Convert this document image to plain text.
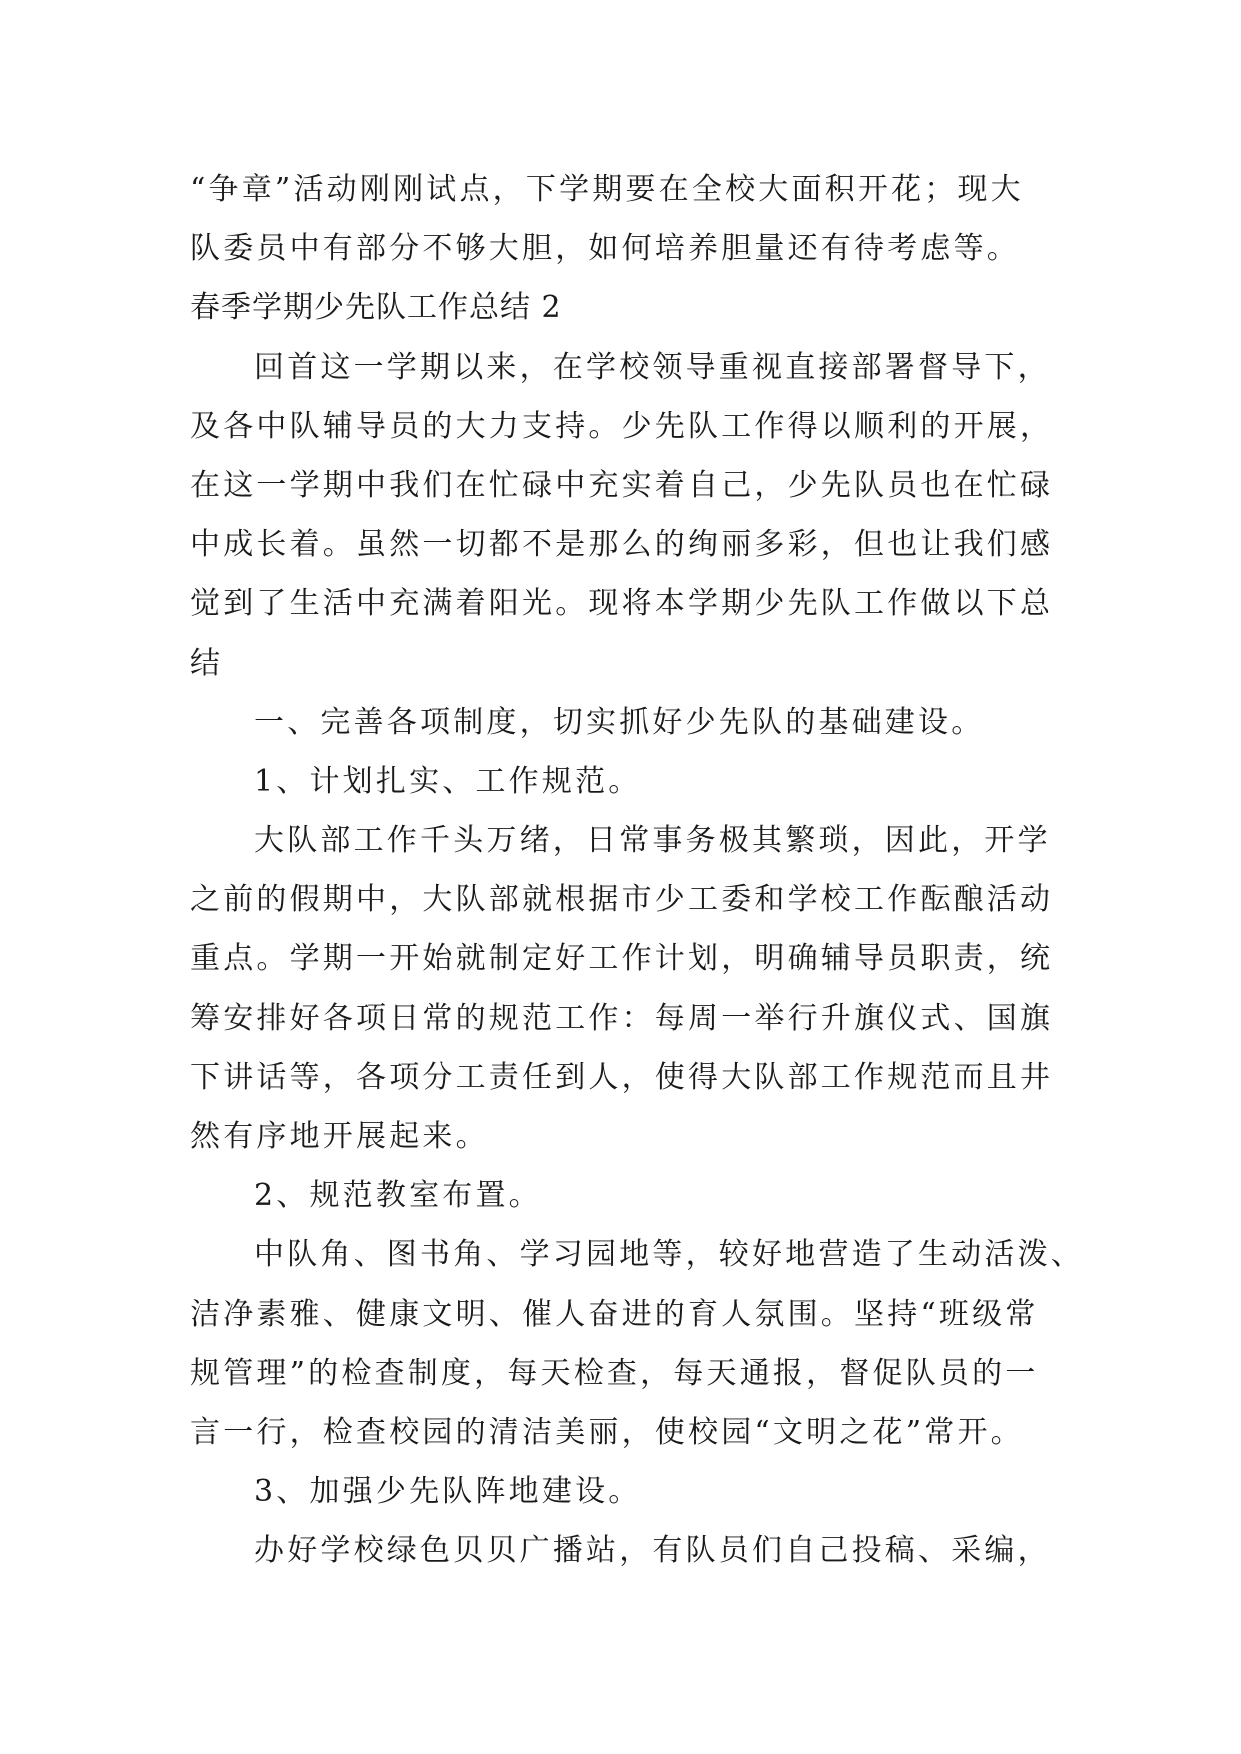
“争章”活动刚刚试点，下学期要在全校大面积开花；现大
队委员中有部分不够大胆，如何培养胆量还有待考虑等。
春季学期少先队工作总结 2
回首这一学期以来，在学校领导重视直接部署督导下，
及各中队辅导员的大力支持。少先队工作得以顺利的开展，
在这一学期中我们在忙碌中充实着自己，少先队员也在忙碌
中成长着。虽然一切都不是那么的绚丽多彩，但也让我们感
觉到了生活中充满着阳光。现将本学期少先队工作做以下总
结
一、完善各项制度，切实抓好少先队的基础建设。
1、计划扎实、工作规范。
大队部工作千头万绪，日常事务极其繁琐，因此，开学
之前的假期中，大队部就根据市少工委和学校工作酝酿活动
重点。学期一开始就制定好工作计划，明确辅导员职责，统
筹安排好各项日常的规范工作：每周一举行升旗仪式、国旗
下讲话等，各项分工责任到人，使得大队部工作规范而且井
然有序地开展起来。
2、规范教室布置。
中队角、图书角、学习园地等，较好地营造了生动活泼、
洁净素雅、健康文明、催人奋进的育人氛围。坚持“班级常
规管理”的检查制度，每天检查，每天通报，督促队员的一
言一行，检查校园的清洁美丽，使校园“文明之花”常开。
3、加强少先队阵地建设。
办好学校绿色贝贝广播站，有队员们自己投稿、采编，
